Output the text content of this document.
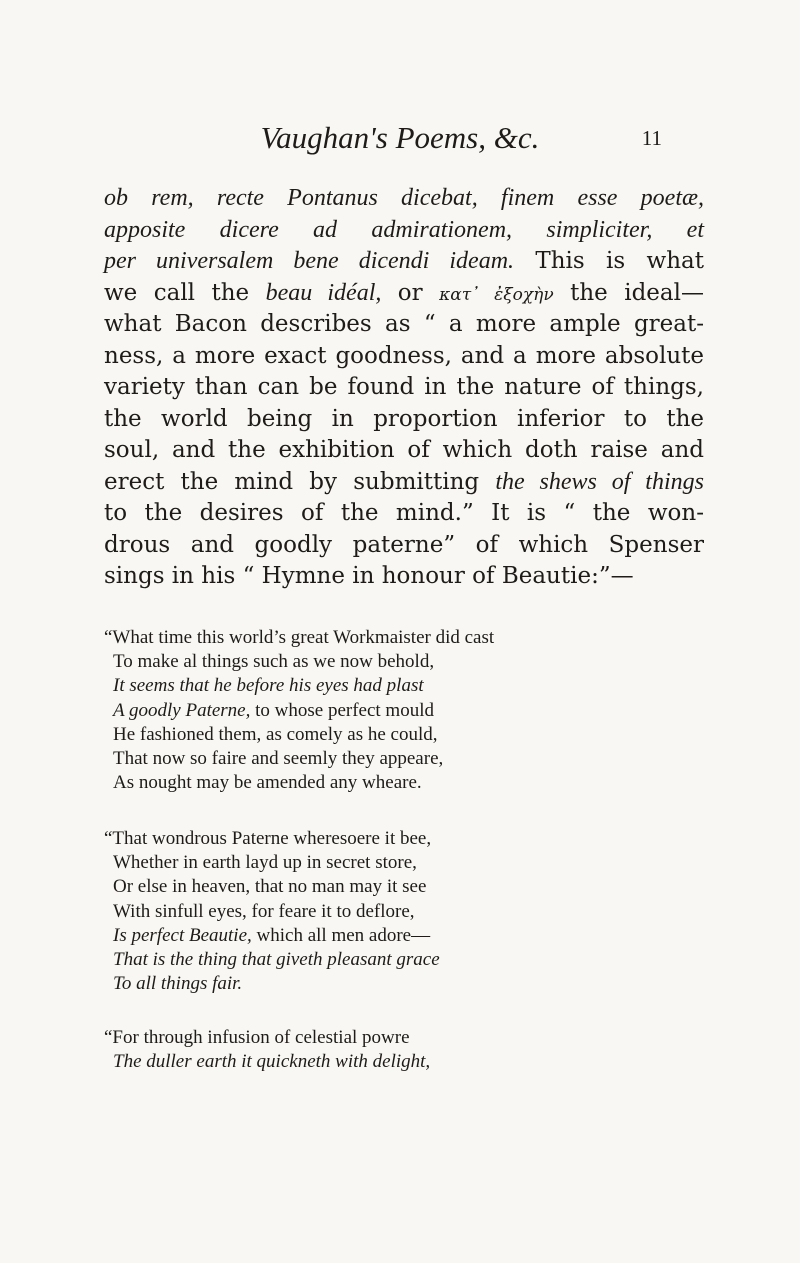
Vaughan's Poems, &c.	11
ob rem, recte Pontanus dicebat, finem esse poetæ,
apposite dicere ad admirationem, simpliciter, et
per universalem bene dicendi ideam. This is what
we call the beau idéal, or κατ᾽ ἐξοχὴν the ideal—
what Bacon describes as “ a more ample great-
ness, a more exact goodness, and a more absolute
variety than can be found in the nature of things,
the world being in proportion inferior to the
soul, and the exhibition of which doth raise and
erect the mind by submitting the shews of things
to the desires of the mind.” It is “ the won-
drous and goodly paterne” of which Spenser
sings in his “ Hymne in honour of Beautie:”—
“What time this world’s great Workmaister did cast
To make al things such as we now behold,
It seems that he before his eyes had plast
A goodly Paterne, to whose perfect mould
He fashioned them, as comely as he could,
That now so faire and seemly they appeare,
As nought may be amended any wheare.
“That wondrous Paterne wheresoere it bee,
Whether in earth layd up in secret store,
Or else in heaven, that no man may it see
With sinfull eyes, for feare it to deflore,
Is perfect Beautie, which all men adore—
That is the thing that giveth pleasant grace
To all things fair.
“For through infusion of celestial powre
The duller earth it quickneth with delight,
